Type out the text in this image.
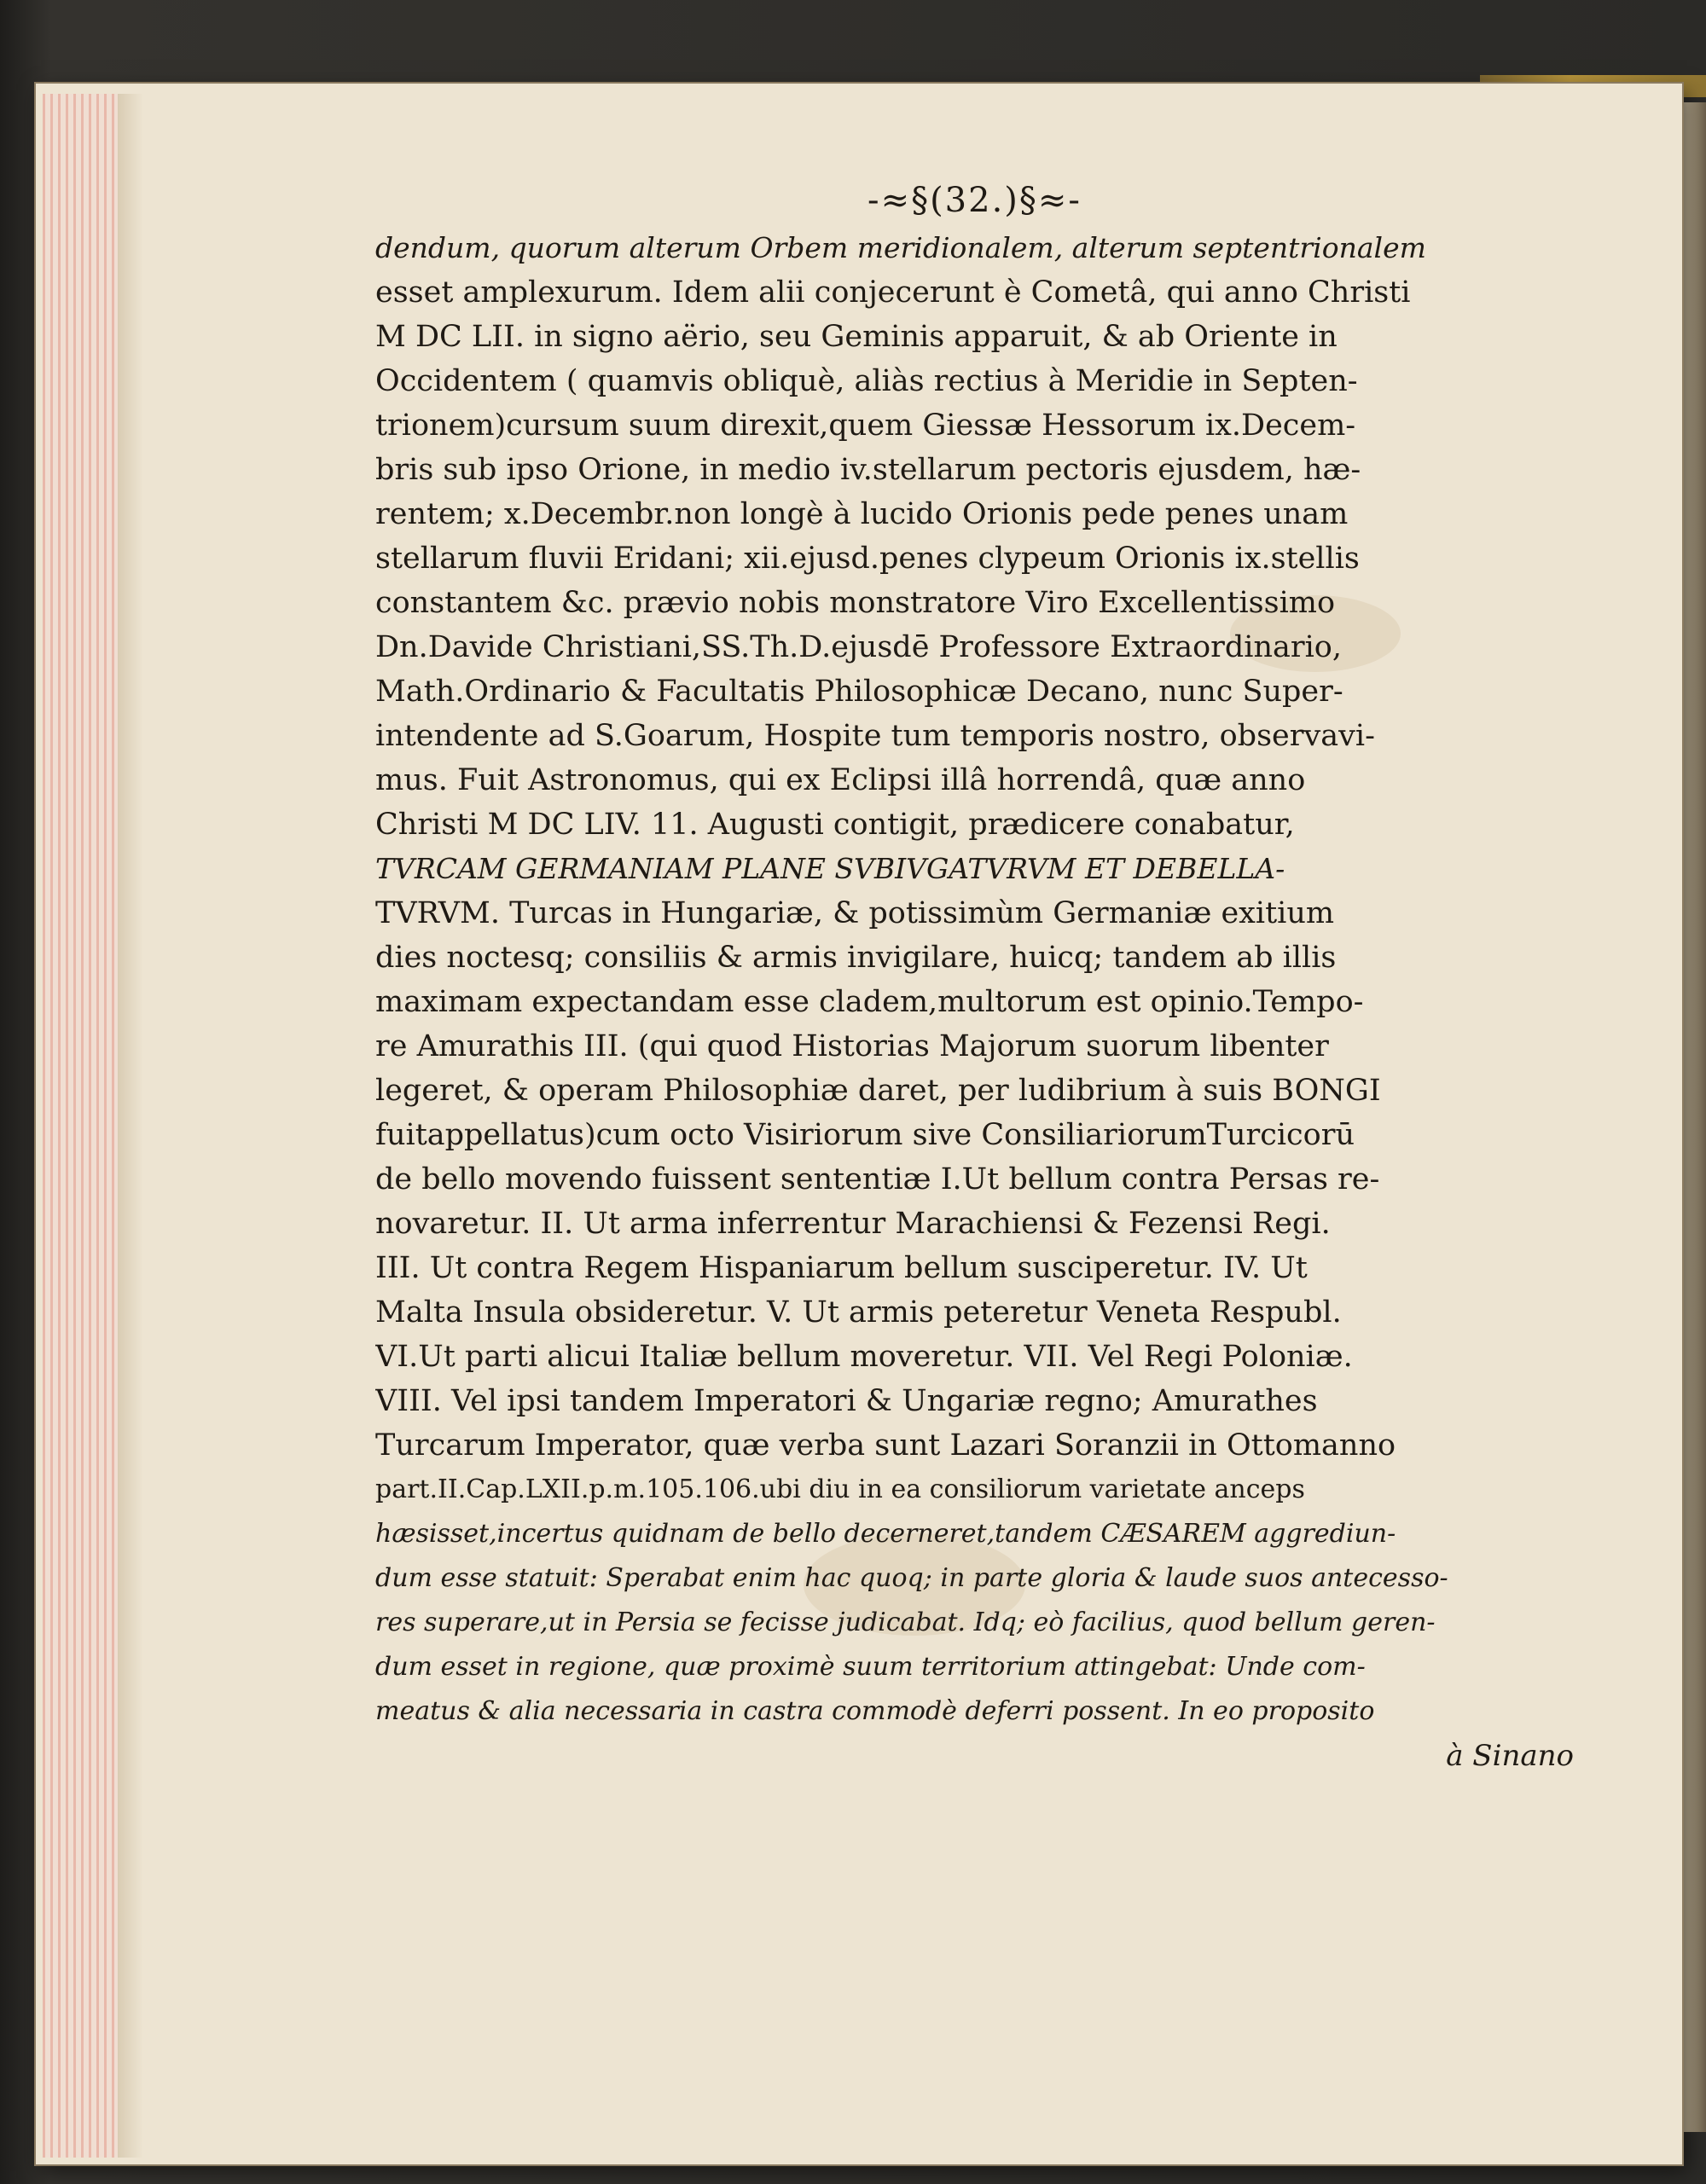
-≈§(32.)§≈-
dendum, quorum alterum Orbem meridionalem, alterum septentrionalem
esset amplexurum. Idem alii conjecerunt è Cometâ, qui anno Christi
M DC LII. in signo aërio, seu Geminis apparuit, & ab Oriente in
Occidentem ( quamvis obliquè, aliàs rectius à Meridie in Septen-
trionem)cursum suum direxit,quem Giessæ Hessorum ix.Decem-
bris sub ipso Orione, in medio iv.stellarum pectoris ejusdem, hæ-
rentem; x.Decembr.non longè à lucido Orionis pede penes unam
stellarum fluvii Eridani; xii.ejusd.penes clypeum Orionis ix.stellis
constantem &c. prævio nobis monstratore Viro Excellentissimo
Dn.Davide Christiani,SS.Th.D.ejusdē Professore Extraordinario,
Math.Ordinario & Facultatis Philosophicæ Decano, nunc Super-
intendente ad S.Goarum, Hospite tum temporis nostro, observavi-
mus. Fuit Astronomus, qui ex Eclipsi illâ horrendâ, quæ anno
Christi M DC LIV. 11. Augusti contigit, prædicere conabatur,
TVRCAM GERMANIAM PLANE SVBIVGATVRVM ET DEBELLA-
TVRVM. Turcas in Hungariæ, & potissimùm Germaniæ exitium
dies noctesq; consiliis & armis invigilare, huicq; tandem ab illis
maximam expectandam esse cladem,multorum est opinio.Tempo-
re Amurathis III. (qui quod Historias Majorum suorum libenter
legeret, & operam Philosophiæ daret, per ludibrium à suis BONGI
fuitappellatus)cum octo Visiriorum sive ConsiliariorumTurcicorū
de bello movendo fuissent sententiæ I.Ut bellum contra Persas re-
novaretur. II. Ut arma inferrentur Marachiensi & Fezensi Regi.
III. Ut contra Regem Hispaniarum bellum susciperetur. IV. Ut
Malta Insula obsideretur. V. Ut armis peteretur Veneta Respubl.
VI.Ut parti alicui Italiæ bellum moveretur. VII. Vel Regi Poloniæ.
VIII. Vel ipsi tandem Imperatori & Ungariæ regno; Amurathes
Turcarum Imperator, quæ verba sunt Lazari Soranzii in Ottomanno
part.II.Cap.LXII.p.m.105.106.ubi diu in ea consiliorum varietate anceps
hæsisset,incertus quidnam de bello decerneret,tandem CÆSAREM aggrediun-
dum esse statuit: Sperabat enim hac quoq; in parte gloria & laude suos antecesso-
res superare,ut in Persia se fecisse judicabat. Idq; eò facilius, quod bellum geren-
dum esset in regione, quæ proximè suum territorium attingebat: Unde com-
meatus & alia necessaria in castra commodè deferri possent. In eo proposito
à Sinano
